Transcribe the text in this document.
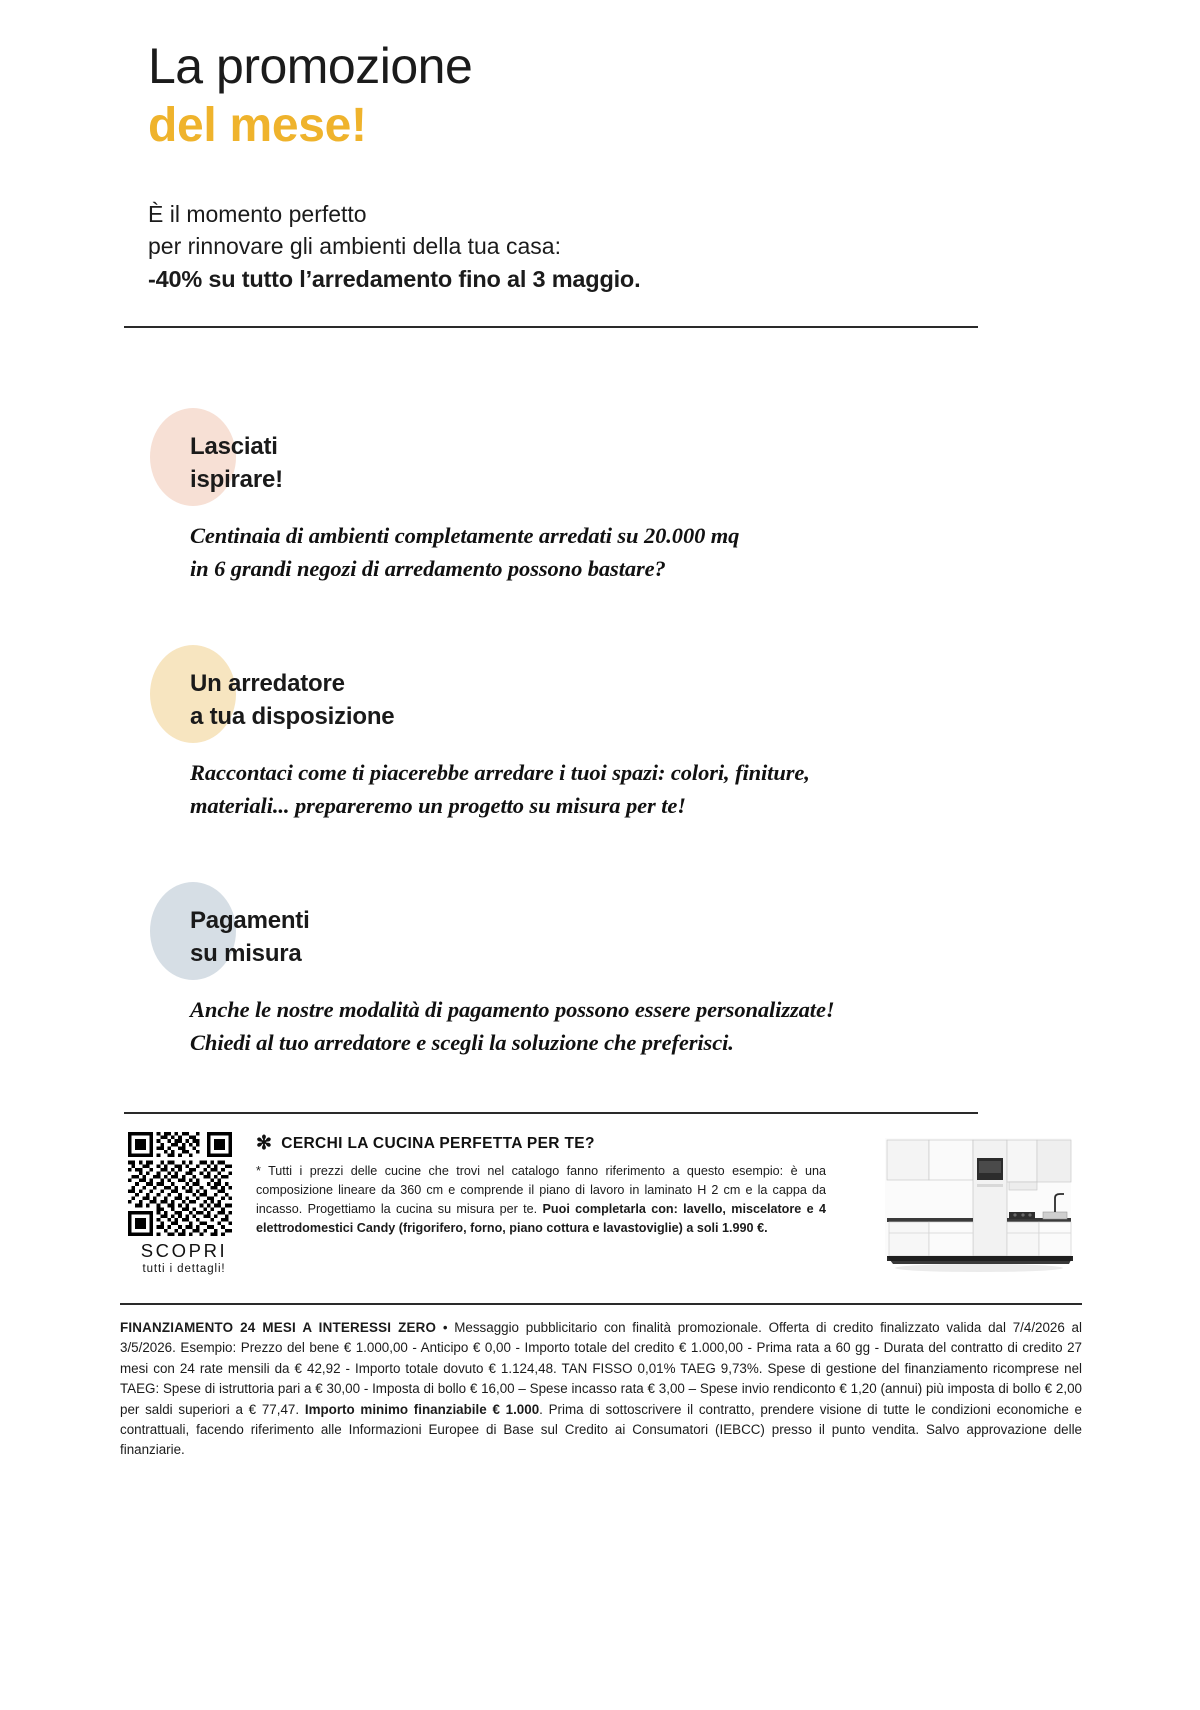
La promozione
del mese!
È il momento perfetto
per rinnovare gli ambienti della tua casa:
-40% su tutto l’arredamento fino al 3 maggio.
Lasciati
ispirare!
Centinaia di ambienti completamente arredati su 20.000 mq
in 6 grandi negozi di arredamento possono bastare?
Un arredatore
a tua disposizione
Raccontaci come ti piacerebbe arredare i tuoi spazi: colori, finiture,
materiali... prepareremo un progetto su misura per te!
Pagamenti
su misura
Anche le nostre modalità di pagamento possono essere personalizzate!
Chiedi al tuo arredatore e scegli la soluzione che preferisci.
SCOPRI
tutti i dettagli!
✻ CERCHI LA CUCINA PERFETTA PER TE?
* Tutti i prezzi delle cucine che trovi nel catalogo fanno riferimento a questo esempio: è una composizione lineare da 360 cm e comprende il piano di lavoro in laminato H 2 cm e la cappa da incasso. Progettiamo la cucina su misura per te. Puoi completarla con: lavello, miscelatore e 4 elettrodomestici Candy (frigorifero, forno, piano cottura e lavastoviglie) a soli 1.990 €.
FINANZIAMENTO 24 MESI A INTERESSI ZERO • Messaggio pubblicitario con finalità promozionale. Offerta di credito finalizzato valida dal 7/4/2026 al 3/5/2026. Esempio: Prezzo del bene € 1.000,00 - Anticipo € 0,00 - Importo totale del credito € 1.000,00 - Prima rata a 60 gg - Durata del contratto di credito 27 mesi con 24 rate mensili da € 42,92 - Importo totale dovuto € 1.124,48. TAN FISSO 0,01% TAEG 9,73%. Spese di gestione del finanziamento ricomprese nel TAEG: Spese di istruttoria pari a € 30,00 - Imposta di bollo € 16,00 – Spese incasso rata € 3,00 – Spese invio rendiconto € 1,20 (annui) più imposta di bollo € 2,00 per saldi superiori a € 77,47. Importo minimo finanziabile € 1.000. Prima di sottoscrivere il contratto, prendere visione di tutte le condizioni economiche e contrattuali, facendo riferimento alle Informazioni Europee di Base sul Credito ai Consumatori (IEBCC) presso il punto vendita. Salvo approvazione delle finanziarie.
